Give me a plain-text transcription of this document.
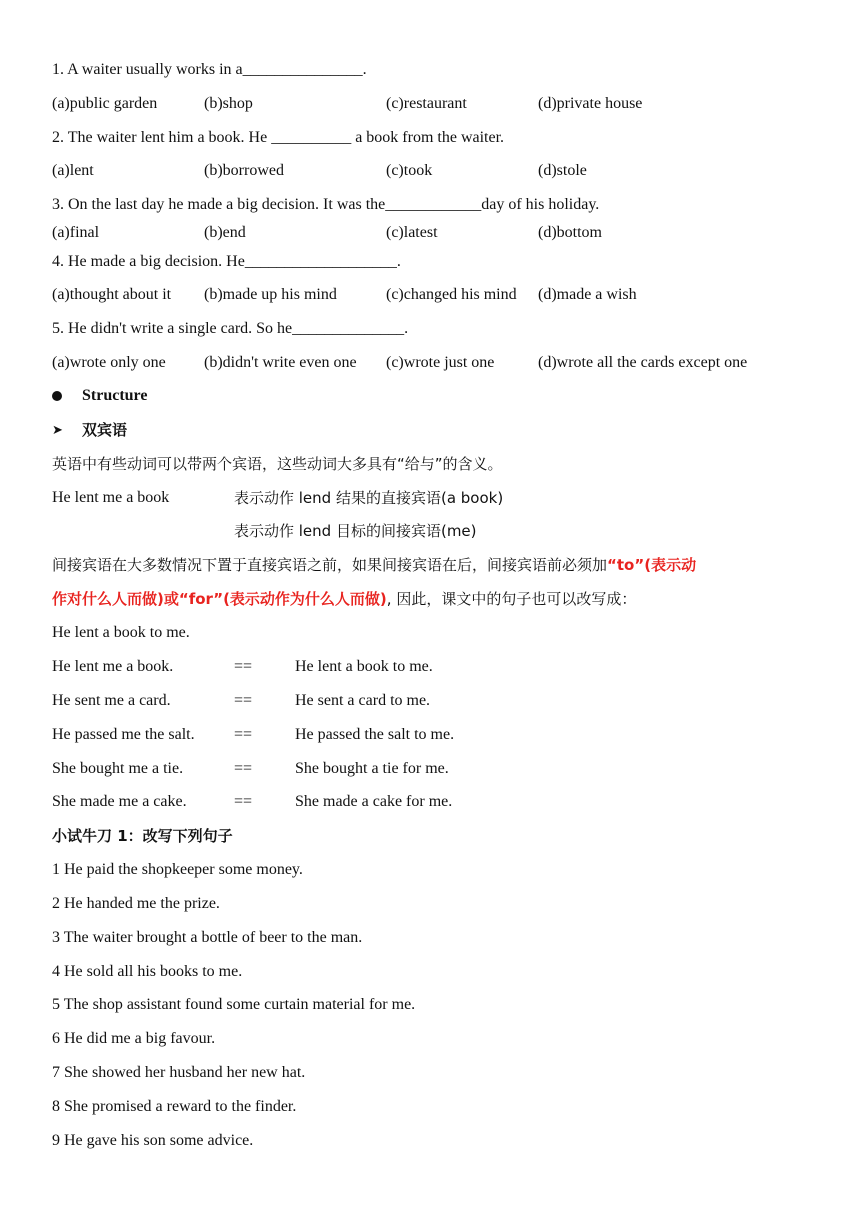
1. A waiter usually works in a_______________.
(a)public garden	(b)shop	(c)restaurant	(d)private house
2. The waiter lent him a book. He __________ a book from the waiter.
(a)lent	(b)borrowed	(c)took	(d)stole
3. On the last day he made a big decision. It was the____________day of his holiday.
(a)final	(b)end	(c)latest	(d)bottom
4. He made a big decision. He___________________.
(a)thought about it (b)made up his mind	(c)changed his mind (d)made a wish
5. He didn't write a single card. So he______________.
(a)wrote only one (b)didn't write even one (c)wrote just one	(d)wrote all the cards except one
Structure
➤ 双宾语
英语中有些动词可以带两个宾语，这些动词大多具有“给与”的含义。
He lent me a book	表示动作 lend 结果的直接宾语(a book)
表示动作 lend 目标的间接宾语(me)
间接宾语在大多数情况下置于直接宾语之前，如果间接宾语在后，间接宾语前必须加“to”(表示动
作对什么人而做)或“for”(表示动作为什么人而做), 因此，课文中的句子也可以改写成：
He lent a book to me.
He lent me a book.	==	He lent a book to me.
He sent me a card.	==	He sent a card to me.
He passed me the salt. ==	He passed the salt to me.
She bought me a tie.	==	She bought a tie for me.
She made me a cake.	==	She made a cake for me.
小试牛刀 1：改写下列句子
1 He paid the shopkeeper some money.
2 He handed me the prize.
3 The waiter brought a bottle of beer to the man.
4 He sold all his books to me.
5 The shop assistant found some curtain material for me.
6 He did me a big favour.
7 She showed her husband her new hat.
8 She promised a reward to the finder.
9 He gave his son some advice.
